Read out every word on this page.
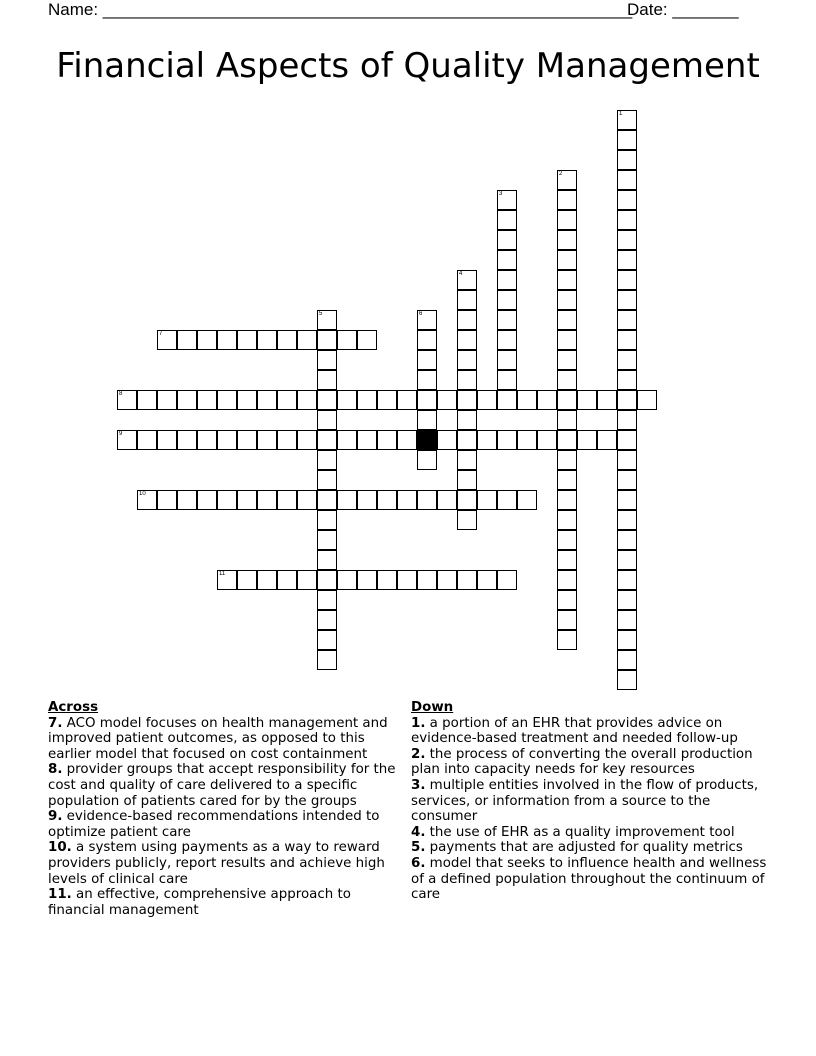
Name: ________________________________________________________
Date: _______
Financial Aspects of Quality Management
1
2
3
4
5	6
7
8
9
10
11
Across
7. ACO model focuses on health management and improved patient outcomes, as opposed to this earlier model that focused on cost containment
8. provider groups that accept responsibility for the cost and quality of care delivered to a specific population of patients cared for by the groups
9. evidence-based recommendations intended to optimize patient care
10. a system using payments as a way to reward providers publicly, report results and achieve high levels of clinical care
11. an effective, comprehensive approach to financial management
Down
1. a portion of an EHR that provides advice on evidence-based treatment and needed follow-up
2. the process of converting the overall production plan into capacity needs for key resources
3. multiple entities involved in the flow of products, services, or information from a source to the consumer
4. the use of EHR as a quality improvement tool
5. payments that are adjusted for quality metrics
6. model that seeks to influence health and wellness of a defined population throughout the continuum of care
